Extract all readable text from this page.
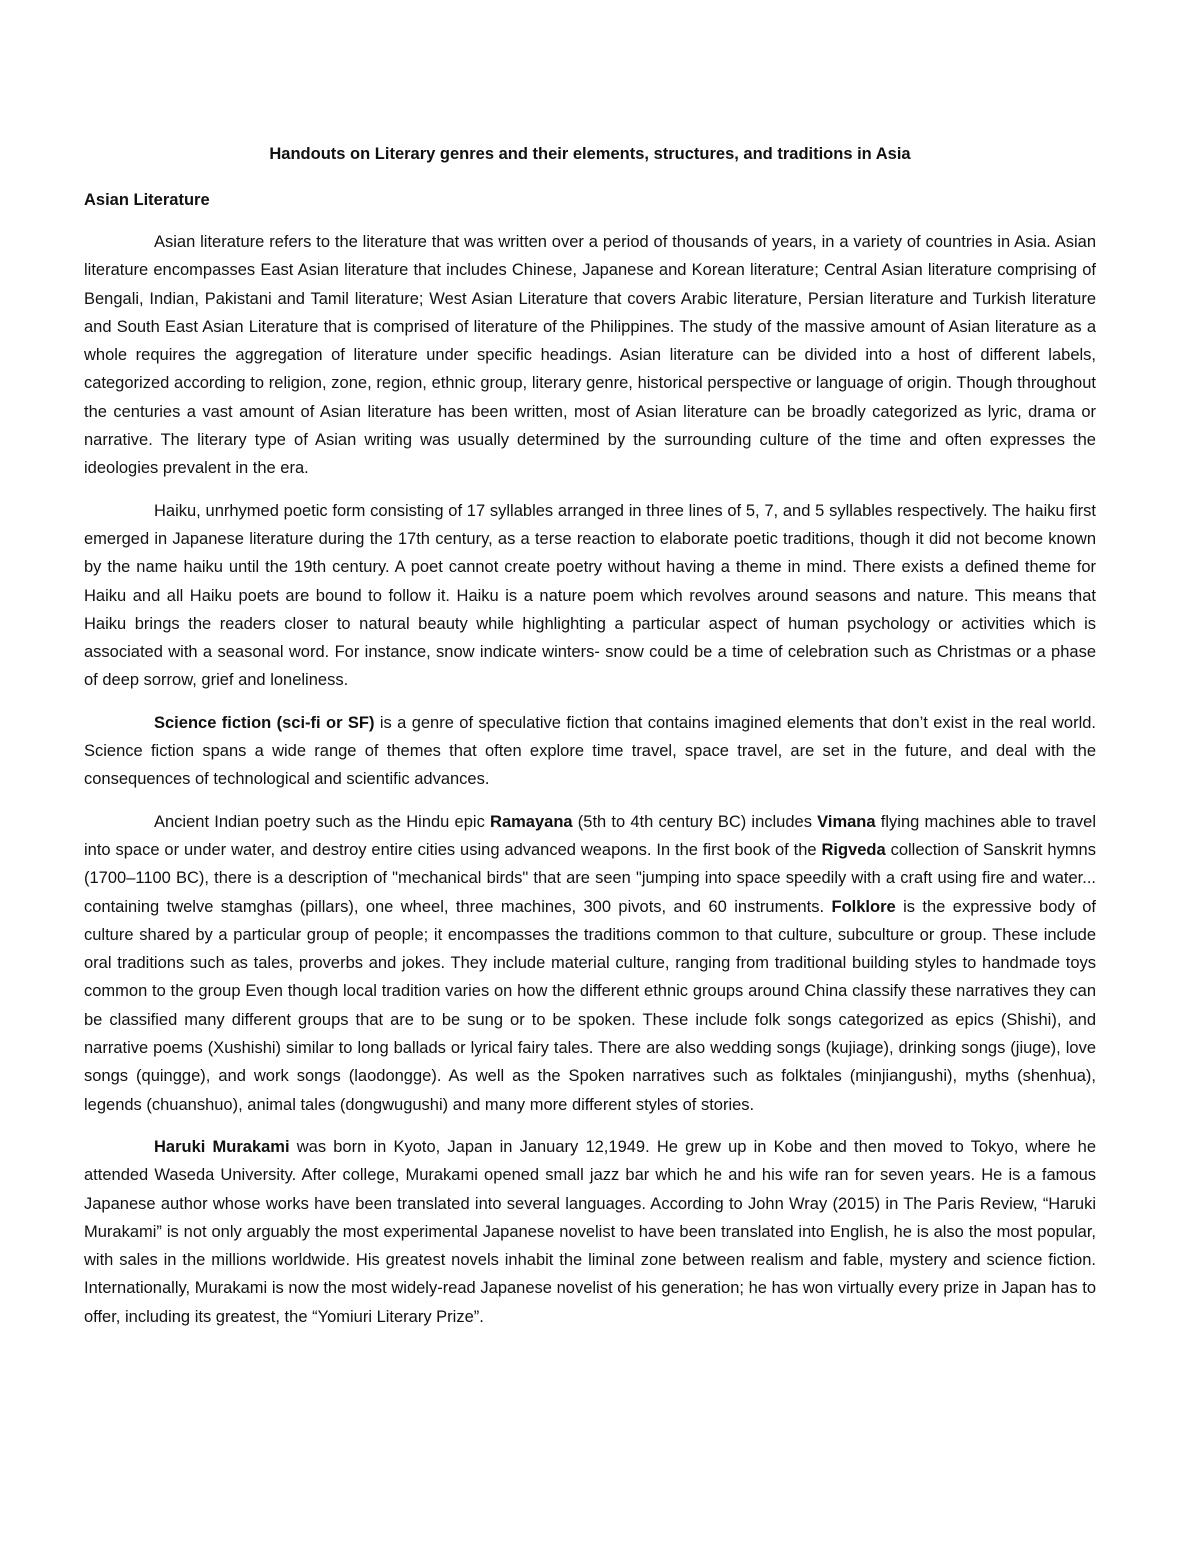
Handouts on Literary genres and their elements, structures, and traditions in Asia
Asian Literature

Asian literature refers to the literature that was written over a period of thousands of years, in a variety of countries in Asia. Asian literature encompasses East Asian literature that includes Chinese, Japanese and Korean literature; Central Asian literature comprising of Bengali, Indian, Pakistani and Tamil literature; West Asian Literature that covers Arabic literature, Persian literature and Turkish literature and South East Asian Literature that is comprised of literature of the Philippines. The study of the massive amount of Asian literature as a whole requires the aggregation of literature under specific headings. Asian literature can be divided into a host of different labels, categorized according to religion, zone, region, ethnic group, literary genre, historical perspective or language of origin. Though throughout the centuries a vast amount of Asian literature has been written, most of Asian literature can be broadly categorized as lyric, drama or narrative. The literary type of Asian writing was usually determined by the surrounding culture of the time and often expresses the ideologies prevalent in the era.

Haiku, unrhymed poetic form consisting of 17 syllables arranged in three lines of 5, 7, and 5 syllables respectively. The haiku first emerged in Japanese literature during the 17th century, as a terse reaction to elaborate poetic traditions, though it did not become known by the name haiku until the 19th century. A poet cannot create poetry without having a theme in mind. There exists a defined theme for Haiku and all Haiku poets are bound to follow it. Haiku is a nature poem which revolves around seasons and nature. This means that Haiku brings the readers closer to natural beauty while highlighting a particular aspect of human psychology or activities which is associated with a seasonal word. For instance, snow indicate winters- snow could be a time of celebration such as Christmas or a phase of deep sorrow, grief and loneliness.

Science fiction (sci-fi or SF) is a genre of speculative fiction that contains imagined elements that don’t exist in the real world. Science fiction spans a wide range of themes that often explore time travel, space travel, are set in the future, and deal with the consequences of technological and scientific advances.

Ancient Indian poetry such as the Hindu epic Ramayana (5th to 4th century BC) includes Vimana flying machines able to travel into space or under water, and destroy entire cities using advanced weapons. In the first book of the Rigveda collection of Sanskrit hymns (1700–1100 BC), there is a description of "mechanical birds" that are seen "jumping into space speedily with a craft using fire and water... containing twelve stamghas (pillars), one wheel, three machines, 300 pivots, and 60 instruments. Folklore is the expressive body of culture shared by a particular group of people; it encompasses the traditions common to that culture, subculture or group. These include oral traditions such as tales, proverbs and jokes. They include material culture, ranging from traditional building styles to handmade toys common to the group Even though local tradition varies on how the different ethnic groups around China classify these narratives they can be classified many different groups that are to be sung or to be spoken. These include folk songs categorized as epics (Shishi), and narrative poems (Xushishi) similar to long ballads or lyrical fairy tales. There are also wedding songs (kujiage), drinking songs (jiuge), love songs (quingge), and work songs (laodongge). As well as the Spoken narratives such as folktales (minjiangushi), myths (shenhua), legends (chuanshuo), animal tales (dongwugushi) and many more different styles of stories.

Haruki Murakami was born in Kyoto, Japan in January 12,1949. He grew up in Kobe and then moved to Tokyo, where he attended Waseda University. After college, Murakami opened small jazz bar which he and his wife ran for seven years. He is a famous Japanese author whose works have been translated into several languages. According to John Wray (2015) in The Paris Review, “Haruki Murakami” is not only arguably the most experimental Japanese novelist to have been translated into English, he is also the most popular, with sales in the millions worldwide. His greatest novels inhabit the liminal zone between realism and fable, mystery and science fiction. Internationally, Murakami is now the most widely-read Japanese novelist of his generation; he has won virtually every prize in Japan has to offer, including its greatest, the “Yomiuri Literary Prize”.
